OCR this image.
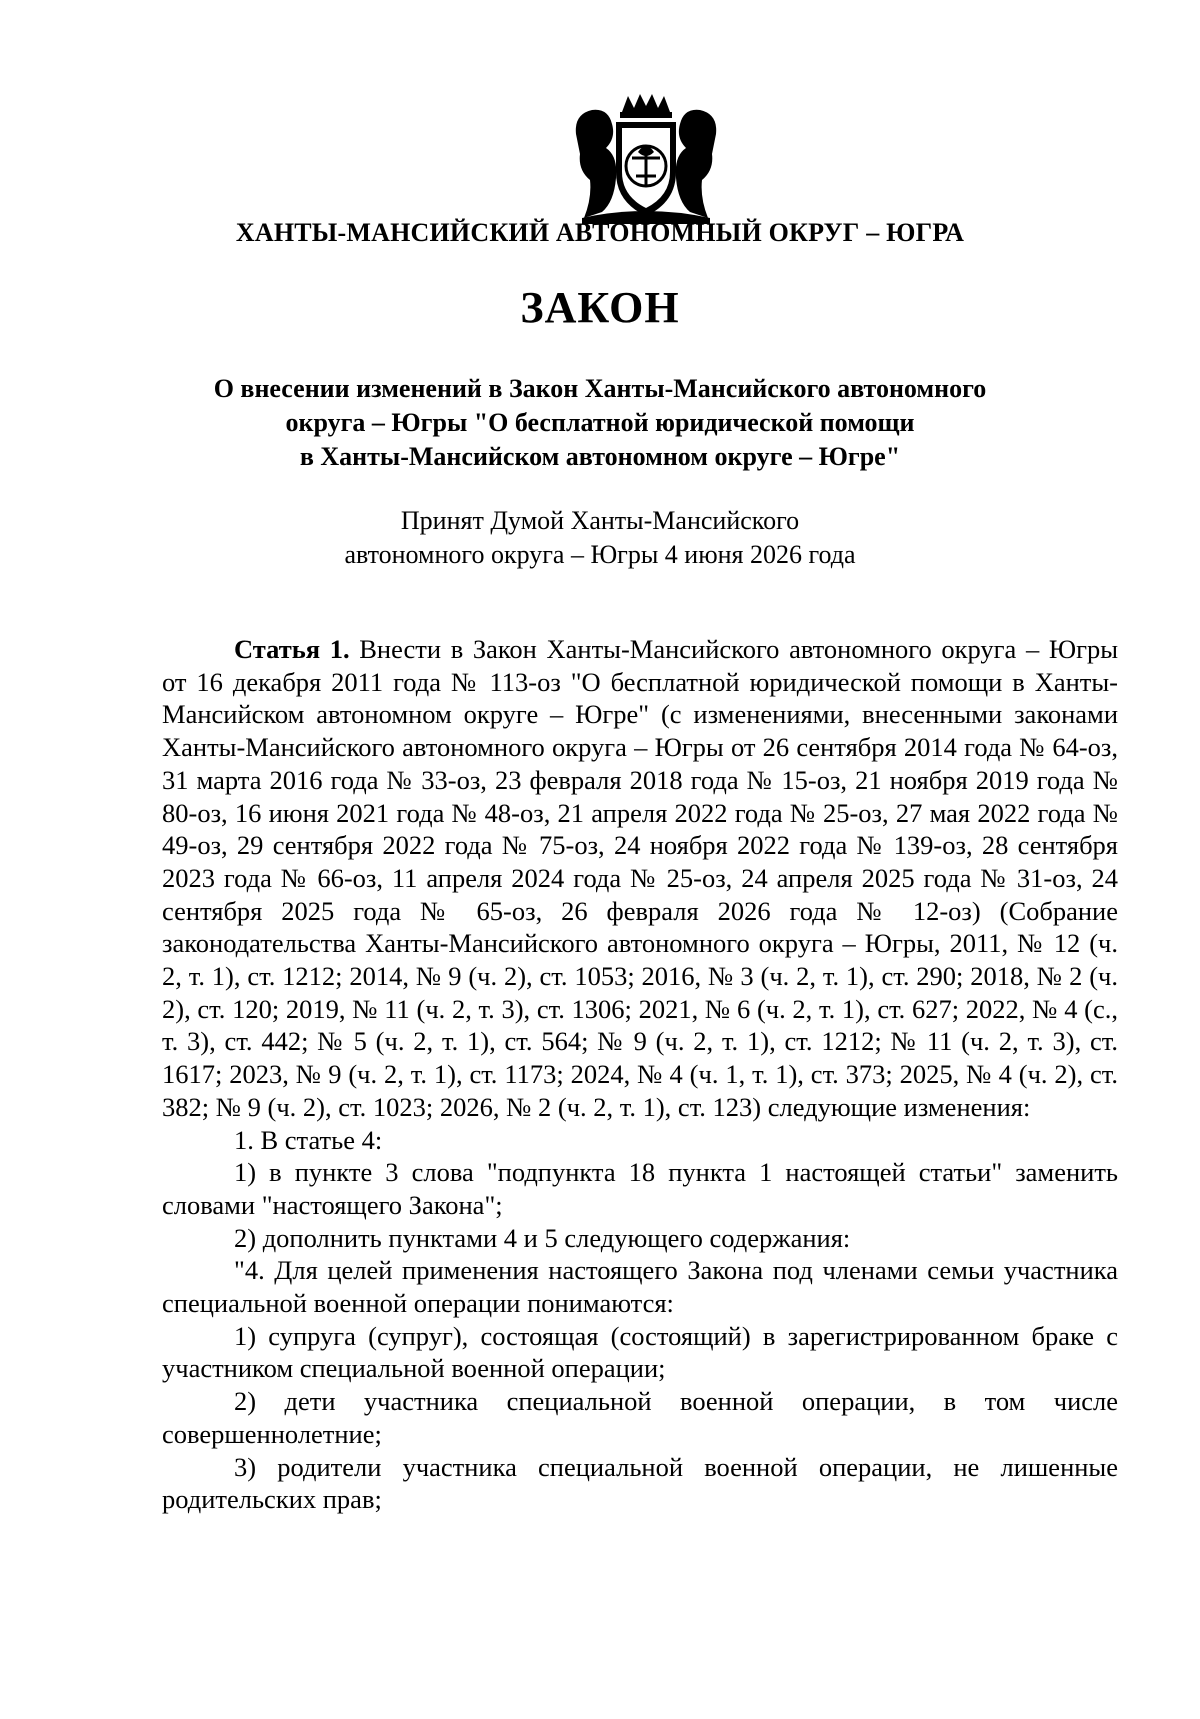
ХАНТЫ-МАНСИЙСКИЙ АВТОНОМНЫЙ ОКРУГ – ЮГРА
ЗАКОН
О внесении изменений в Закон Ханты-Мансийского автономного
округа – Югры "О бесплатной юридической помощи
в Ханты-Мансийском автономном округе – Югре"
Принят Думой Ханты-Мансийского
автономного округа – Югры 4 июня 2026 года

Статья 1. Внести в Закон Ханты-Мансийского автономного округа – Югры от 16 декабря 2011 года № 113-оз "О бесплатной юридической помощи в Ханты-Мансийском автономном округе – Югре" (с изменениями, внесенными законами Ханты-Мансийского автономного округа – Югры от 26 сентября 2014 года № 64-оз, 31 марта 2016 года № 33-оз, 23 февраля 2018 года № 15-оз, 21 ноября 2019 года № 80-оз, 16 июня 2021 года № 48-оз, 21 апреля 2022 года № 25-оз, 27 мая 2022 года № 49-оз, 29 сентября 2022 года № 75-оз, 24 ноября 2022 года № 139-оз, 28 сентября 2023 года № 66-оз, 11 апреля 2024 года № 25-оз, 24 апреля 2025 года № 31-оз, 24 сентября 2025 года № 65-оз, 26 февраля 2026 года № 12-оз) (Собрание законодательства Ханты-Мансийского автономного округа – Югры, 2011, № 12 (ч. 2, т. 1), ст. 1212; 2014, № 9 (ч. 2), ст. 1053; 2016, № 3 (ч. 2, т. 1), ст. 290; 2018, № 2 (ч. 2), ст. 120; 2019, № 11 (ч. 2, т. 3), ст. 1306; 2021, № 6 (ч. 2, т. 1), ст. 627; 2022, № 4 (с., т. 3), ст. 442; № 5 (ч. 2, т. 1), ст. 564; № 9 (ч. 2, т. 1), ст. 1212; № 11 (ч. 2, т. 3), ст. 1617; 2023, № 9 (ч. 2, т. 1), ст. 1173; 2024, № 4 (ч. 1, т. 1), ст. 373; 2025, № 4 (ч. 2), ст. 382; № 9 (ч. 2), ст. 1023; 2026, № 2 (ч. 2, т. 1), ст. 123) следующие изменения:

1. В статье 4:

1) в пункте 3 слова "подпункта 18 пункта 1 настоящей статьи" заменить словами "настоящего Закона";

2) дополнить пунктами 4 и 5 следующего содержания:

"4. Для целей применения настоящего Закона под членами семьи участника специальной военной операции понимаются:

1) супруга (супруг), состоящая (состоящий) в зарегистрированном браке с участником специальной военной операции;

2) дети участника специальной военной операции, в том числе совершеннолетние;

3) родители участника специальной военной операции, не лишенные родительских прав;
